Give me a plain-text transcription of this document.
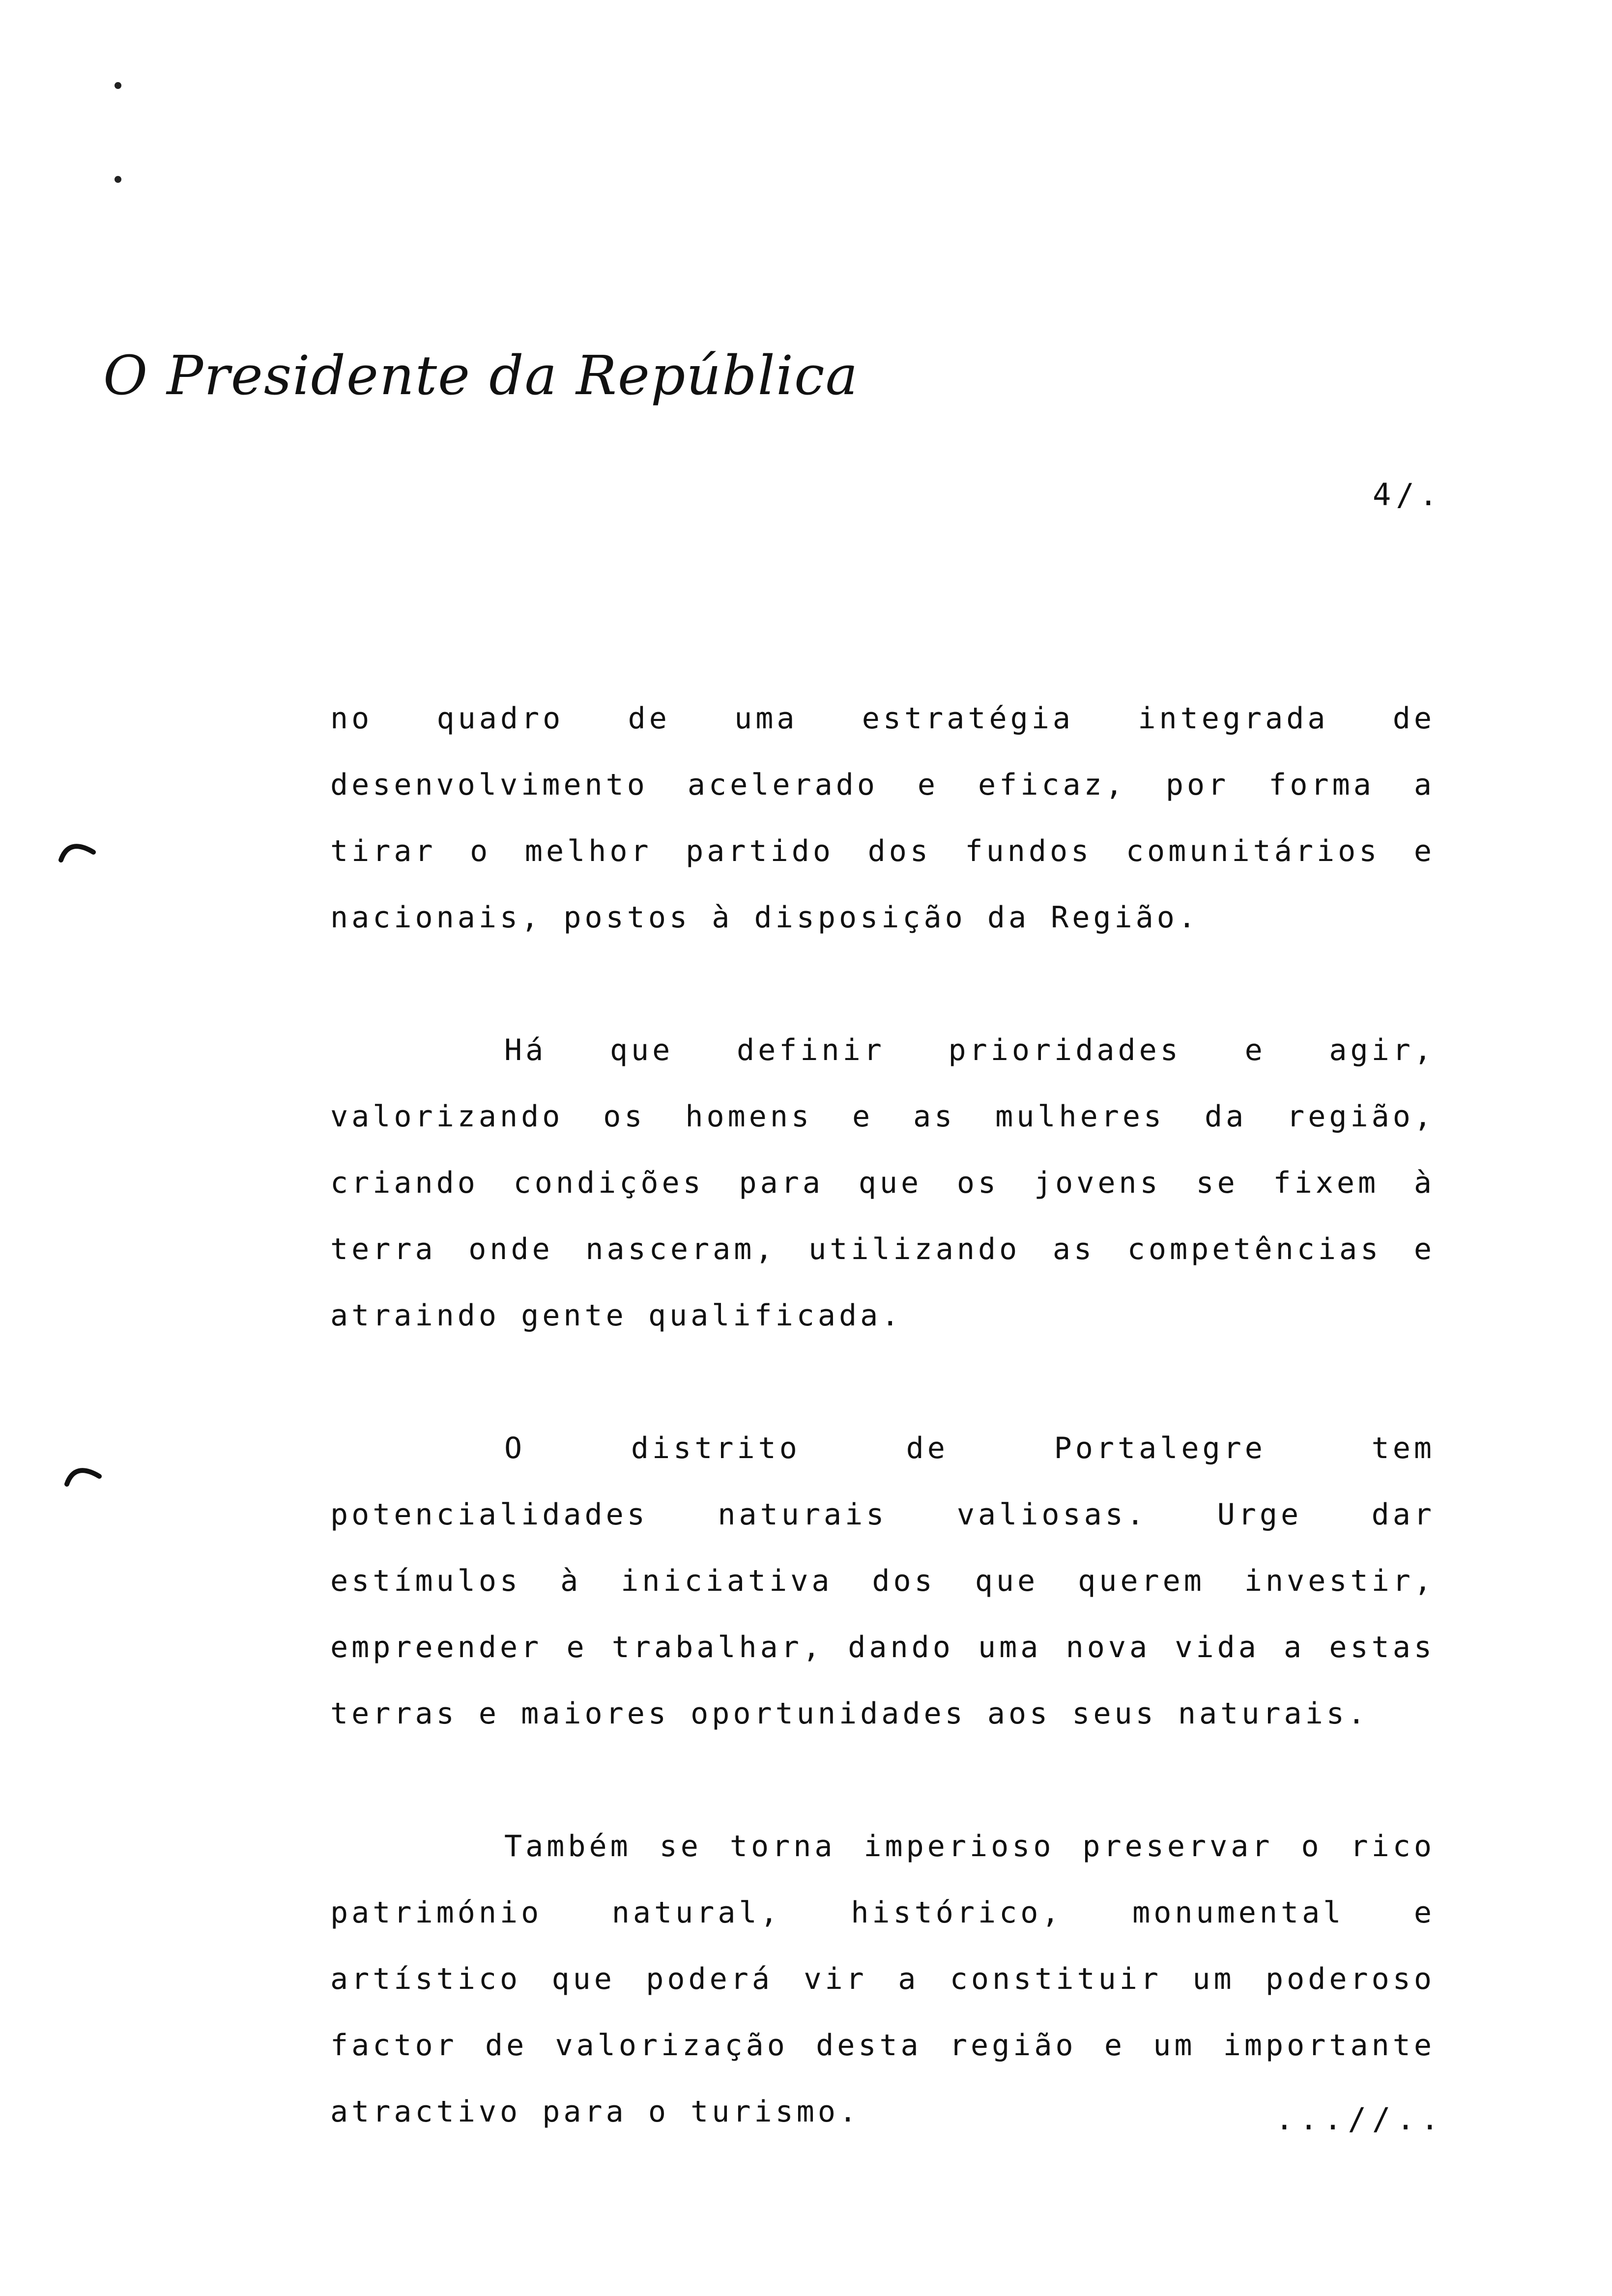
O Presidente da República
4/.

no quadro de uma estratégia integrada de desenvolvimento acelerado e eficaz, por forma a tirar o melhor partido dos fundos comunitários e nacionais, postos à disposição da Região.

Há que definir prioridades e agir, valorizando os homens e as mulheres da região, criando condições para que os jovens se fixem à terra onde nasceram, utilizando as competências e atraindo gente qualificada.

O distrito de Portalegre tem potencialidades naturais valiosas. Urge dar estímulos à iniciativa dos que querem investir, empreender e trabalhar, dando uma nova vida a estas terras e maiores oportunidades aos seus naturais.

Também se torna imperioso preservar o rico património natural, histórico, monumental e artístico que poderá vir a constituir um poderoso factor de valorização desta região e um importante atractivo para o turismo.	...//..
